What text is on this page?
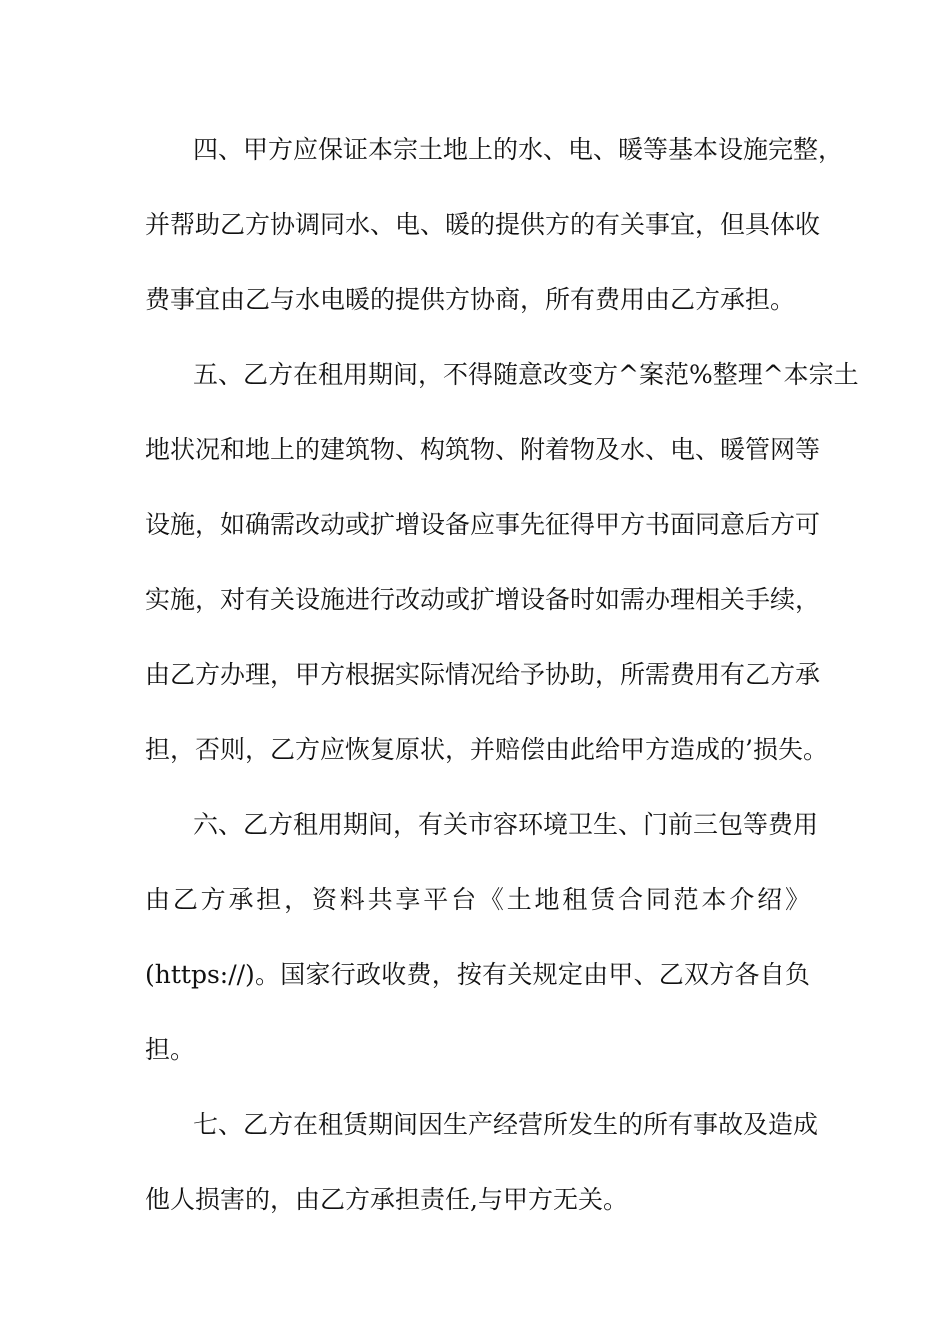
四、甲方应保证本宗土地上的水、电、暖等基本设施完整，
并帮助乙方协调同水、电、暖的提供方的有关事宜，但具体收
费事宜由乙与水电暖的提供方协商，所有费用由乙方承担。
五、乙方在租用期间，不得随意改变方^案范%整理^本宗土
地状况和地上的建筑物、构筑物、附着物及水、电、暖管网等
设施，如确需改动或扩增设备应事先征得甲方书面同意后方可
实施，对有关设施进行改动或扩增设备时如需办理相关手续，
由乙方办理，甲方根据实际情况给予协助，所需费用有乙方承
担，否则，乙方应恢复原状，并赔偿由此给甲方造成的’损失。
六、乙方租用期间，有关市容环境卫生、门前三包等费用
由乙方承担，资料共享平台《土地租赁合同范本介绍》
(https://)。国家行政收费，按有关规定由甲、乙双方各自负
担。
七、乙方在租赁期间因生产经营所发生的所有事故及造成
他人损害的，由乙方承担责任,与甲方无关。
